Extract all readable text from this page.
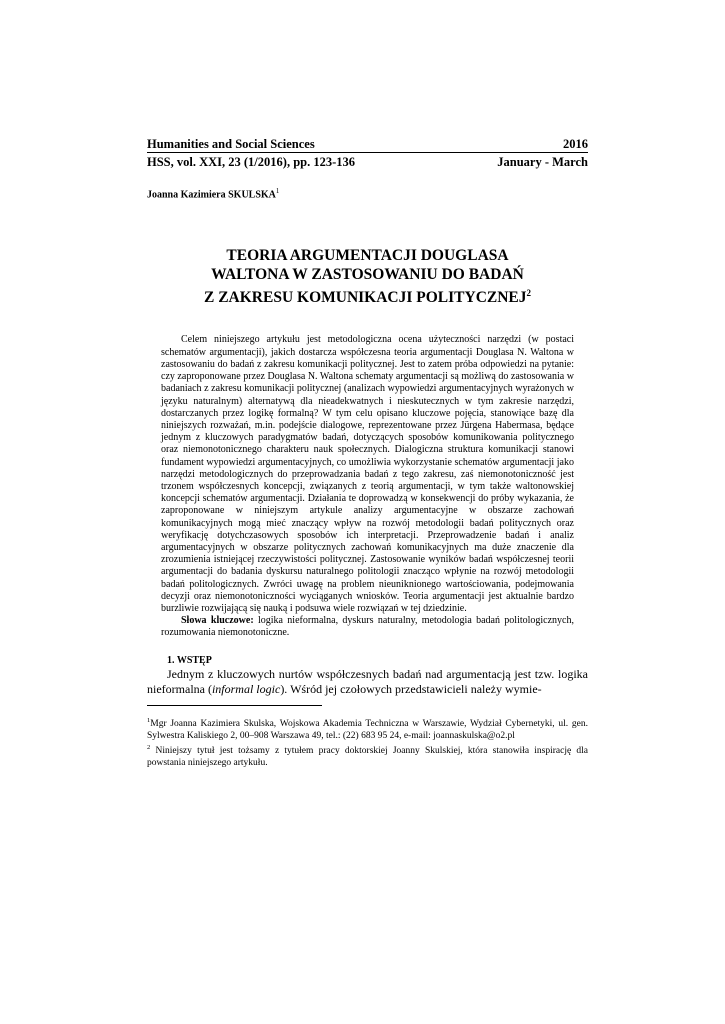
Humanities and Social Sciences	2016
HSS, vol. XXI, 23 (1/2016), pp. 123-136	January - March
Joanna Kazimiera SKULSKA$^1$
TEORIA ARGUMENTACJI DOUGLASA
WALTONA W ZASTOSOWANIU DO BADAŃ
Z ZAKRESU KOMUNIKACJI POLITYCZNEJ$^2$

Celem niniejszego artykułu jest metodologiczna ocena użyteczności narzędzi (w postaci schematów argumentacji), jakich dostarcza współczesna teoria argumentacji Douglasa N. Waltona w zastosowaniu do badań z zakresu komunikacji politycznej. Jest to zatem próba odpowiedzi na pytanie: czy zaproponowane przez Douglasa N. Waltona schematy argumentacji są możliwą do zastosowania w badaniach z zakresu komunikacji politycznej (analizach wypowiedzi argumentacyjnych wyrażonych w języku naturalnym) alternatywą dla nieadekwatnych i nieskutecznych w tym zakresie narzędzi, dostarczanych przez logikę formalną? W tym celu opisano kluczowe pojęcia, stanowiące bazę dla niniejszych rozważań, m.in. podejście dialogowe, reprezentowane przez Jürgena Habermasa, będące jednym z kluczowych paradygmatów badań, dotyczących sposobów komunikowania politycznego oraz niemonotonicznego charakteru nauk społecznych. Dialogiczna struktura komunikacji stanowi fundament wypowiedzi argumentacyjnych, co umożliwia wykorzystanie schematów argumentacji jako narzędzi metodologicznych do przeprowadzania badań z tego zakresu, zaś niemonotoniczność jest trzonem współczesnych koncepcji, związanych z teorią argumentacji, w tym także waltonowskiej koncepcji schematów argumentacji. Działania te doprowadzą w konsekwencji do próby wykazania, że zaproponowane w niniejszym artykule analizy argumentacyjne w obszarze zachowań komunikacyjnych mogą mieć znaczący wpływ na rozwój metodologii badań politycznych oraz weryfikację dotychczasowych sposobów ich interpretacji. Przeprowadzenie badań i analiz argumentacyjnych w obszarze politycznych zachowań komunikacyjnych ma duże znaczenie dla zrozumienia istniejącej rzeczywistości politycznej. Zastosowanie wyników badań współczesnej teorii argumentacji do badania dyskursu naturalnego politologii znacząco wpłynie na rozwój metodologii badań politologicznych. Zwróci uwagę na problem nieuniknionego wartościowania, podejmowania decyzji oraz niemonotoniczności wyciąganych wniosków. Teoria argumentacji jest aktualnie bardzo burzliwie rozwijającą się nauką i podsuwa wiele rozwiązań w tej dziedzinie.

Słowa kluczowe: logika nieformalna, dyskurs naturalny, metodologia badań politologicznych, rozumowania niemonotoniczne.

1. WSTĘP

Jednym z kluczowych nurtów współczesnych badań nad argumentacją jest tzw. logika nieformalna (informal logic). Wśród jej czołowych przedstawicieli należy wymie-

$^1$Mgr Joanna Kazimiera Skulska, Wojskowa Akademia Techniczna w Warszawie, Wydział Cybernetyki, ul. gen. Sylwestra Kaliskiego 2, 00–908 Warszawa 49, tel.: (22) 683 95 24, e-mail: joannaskulska@o2.pl

$^2$ Niniejszy tytuł jest tożsamy z tytułem pracy doktorskiej Joanny Skulskiej, która stanowiła inspirację dla powstania niniejszego artykułu.
